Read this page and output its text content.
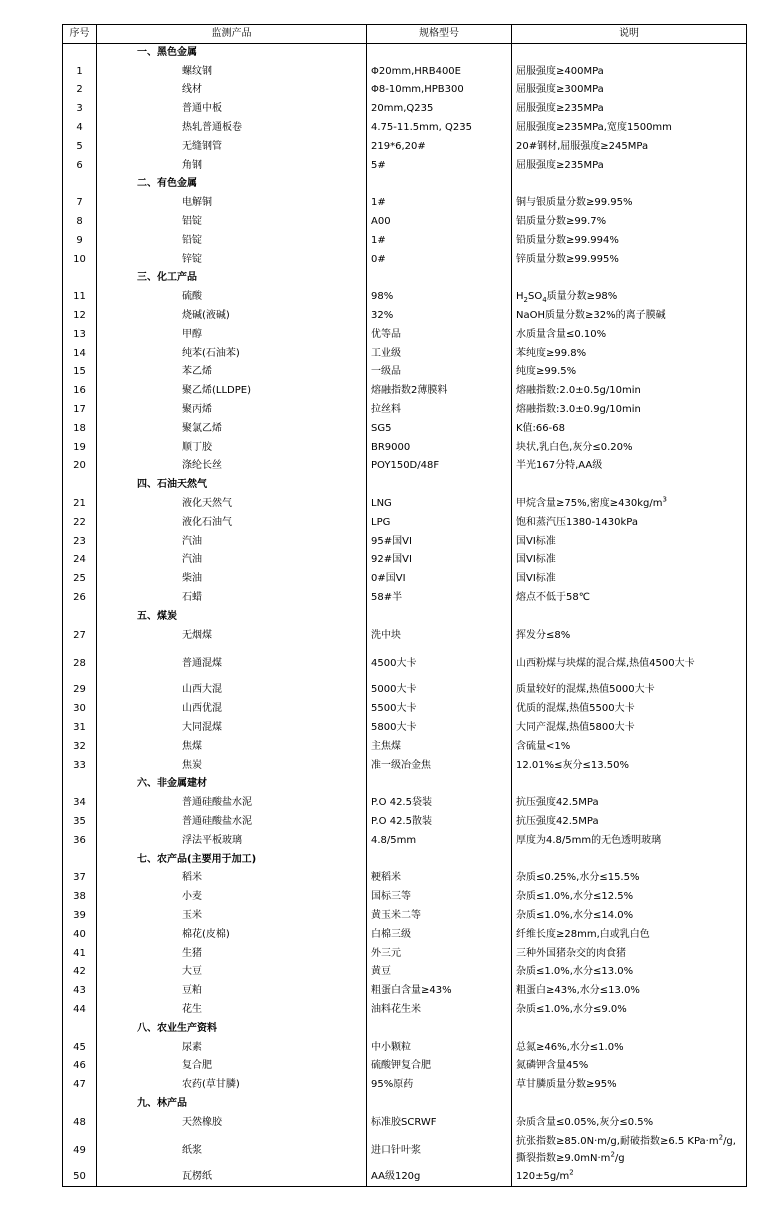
序号	监测产品	规格型号	说明
	一、黑色金属		
1	螺纹钢	Φ20mm,HRB400E	屈服强度≥400MPa
2	线材	Φ8-10mm,HPB300	屈服强度≥300MPa
3	普通中板	20mm,Q235	屈服强度≥235MPa
4	热轧普通板卷	4.75-11.5mm, Q235	屈服强度≥235MPa,宽度1500mm
5	无缝钢管	219*6,20#	20#钢材,屈服强度≥245MPa
6	角钢	5#	屈服强度≥235MPa
	二、有色金属		
7	电解铜	1#	铜与银质量分数≥99.95%
8	铝锭	A00	铝质量分数≥99.7%
9	铅锭	1#	铅质量分数≥99.994%
10	锌锭	0#	锌质量分数≥99.995%
	三、化工产品		
11	硫酸	98%	$H_2SO_4$质量分数≥98%
12	烧碱(液碱)	32%	NaOH质量分数≥32%的离子膜碱
13	甲醇	优等品	水质量含量≤0.10%
14	纯苯(石油苯)	工业级	苯纯度≥99.8%
15	苯乙烯	一级品	纯度≥99.5%
16	聚乙烯(LLDPE)	熔融指数2薄膜料	熔融指数:2.0±0.5g/10min
17	聚丙烯	拉丝料	熔融指数:3.0±0.9g/10min
18	聚氯乙烯	SG5	K值:66-68
19	顺丁胶	BR9000	块状,乳白色,灰分≤0.20%
20	涤纶长丝	POY150D/48F	半光167分特,AA级
	四、石油天然气		
21	液化天然气	LNG	甲烷含量≥75%,密度$\ge 430kg/m^3$
22	液化石油气	LPG	饱和蒸汽压1380-1430kPa
23	汽油	95#国VI	国VI标准
24	汽油	92#国VI	国VI标准
25	柴油	0#国VI	国VI标准
26	石蜡	58#半	熔点不低于58℃
	五、煤炭		
27	无烟煤	洗中块	挥发分≤8%
28	普通混煤	4500大卡	山西粉煤与块煤的混合煤,热值4500大卡
29	山西大混	5000大卡	质量较好的混煤,热值5000大卡
30	山西优混	5500大卡	优质的混煤,热值5500大卡
31	大同混煤	5800大卡	大同产混煤,热值5800大卡
32	焦煤	主焦煤	含硫量<1%
33	焦炭	准一级冶金焦	12.01%≤灰分≤13.50%
	六、非金属建材		
34	普通硅酸盐水泥	P.O 42.5袋装	抗压强度42.5MPa
35	普通硅酸盐水泥	P.O 42.5散装	抗压强度42.5MPa
36	浮法平板玻璃	4.8/5mm	厚度为4.8/5mm的无色透明玻璃
	七、农产品(主要用于加工)		
37	稻米	粳稻米	杂质≤0.25%,水分≤15.5%
38	小麦	国标三等	杂质≤1.0%,水分≤12.5%
39	玉米	黄玉米二等	杂质≤1.0%,水分≤14.0%
40	棉花(皮棉)	白棉三级	纤维长度≥28mm,白或乳白色
41	生猪	外三元	三种外国猪杂交的肉食猪
42	大豆	黄豆	杂质≤1.0%,水分≤13.0%
43	豆粕	粗蛋白含量≥43%	粗蛋白≥43%,水分≤13.0%
44	花生	油料花生米	杂质≤1.0%,水分≤9.0%
	八、农业生产资料		
45	尿素	中小颗粒	总氮≥46%,水分≤1.0%
46	复合肥	硫酸钾复合肥	氮磷钾含量45%
47	农药(草甘膦)	95%原药	草甘膦质量分数≥95%
	九、林产品		
48	天然橡胶	标准胶SCRWF	杂质含量≤0.05%,灰分≤0.5%
49	纸浆	进口针叶浆	抗张指数≥85.0N·m/g,耐破指数≥6.5 $KPa\cdot m^2/g$,撕裂指数$\ge 9.0mN\cdot m^2/g$
50	瓦楞纸	AA级120g	$120\pm 5g/m^2$
